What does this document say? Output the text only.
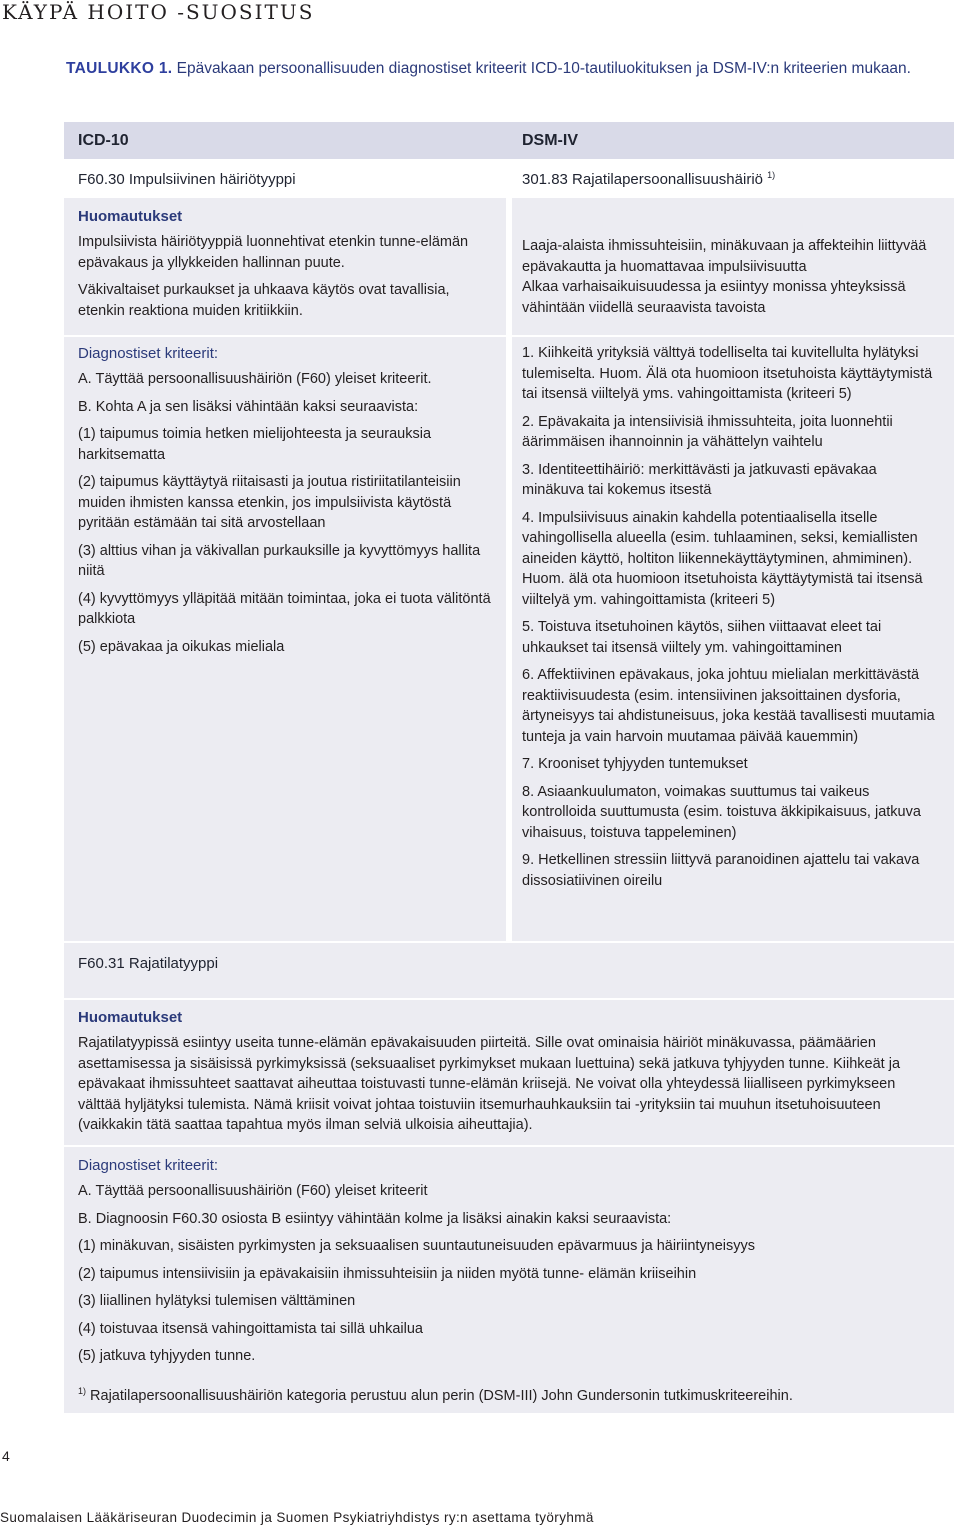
KÄYPÄ HOITO -SUOSITUS
TAULUKKO 1. Epävakaan persoonallisuuden diagnostiset kriteerit ICD-10-tautiluokituksen ja DSM-IV:n kriteerien mukaan.
ICD-10	DSM-IV
F60.30 Impulsiivinen häiriötyyppi	301.83 Rajatilapersoonallisuushäiriö $^{1)}$
Huomautukset

Impulsiivista häiriötyyppiä luonnehtivat etenkin tunne-elämän epävakaus ja yllykkeiden hallinnan puute.

Väkivaltaiset purkaukset ja uhkaava käytös ovat tavallisia, etenkin reaktiona muiden kritiikkiin.

Laaja-alaista ihmissuhteisiin, minäkuvaan ja affekteihin liittyvää epävakautta ja huomattavaa impulsiivisuutta

Alkaa varhaisaikuisuudessa ja esiintyy monissa yhteyksissä vähintään viidellä seuraavista tavoista

Diagnostiset kriteerit:

A. Täyttää persoonallisuushäiriön (F60) yleiset kriteerit.

B. Kohta A ja sen lisäksi vähintään kaksi seuraavista:

(1) taipumus toimia hetken mielijohteesta ja seurauksia harkitsematta

(2) taipumus käyttäytyä riitaisasti ja joutua ristiriitatilanteisiin muiden ihmisten kanssa etenkin, jos impulsiivista käytöstä pyritään estämään tai sitä arvostellaan

(3) alttius vihan ja väkivallan purkauksille ja kyvyttömyys hallita niitä

(4) kyvyttömyys ylläpitää mitään toimintaa, joka ei tuota välitöntä palkkiota

(5) epävakaa ja oikukas mieliala

1. Kiihkeitä yrityksiä välttyä todelliselta tai kuvitellulta hylätyksi tulemiselta. Huom. Älä ota huomioon itsetuhoista käyttäytymistä tai itsensä viiltelyä yms. vahingoittamista (kriteeri 5)

2. Epävakaita ja intensiivisiä ihmissuhteita, joita luonnehtii äärimmäisen ihannoinnin ja vähättelyn vaihtelu

3. Identiteettihäiriö: merkittävästi ja jatkuvasti epävakaa minäkuva tai kokemus itsestä

4. Impulsiivisuus ainakin kahdella potentiaalisella itselle vahingollisella alueella (esim. tuhlaaminen, seksi, kemiallisten aineiden käyttö, holtiton liikennekäyttäytyminen, ahmiminen). Huom. älä ota huomioon itsetuhoista käyttäytymistä tai itsensä viiltelyä ym. vahingoittamista (kriteeri 5)

5. Toistuva itsetuhoinen käytös, siihen viittaavat eleet tai uhkaukset tai itsensä viiltely ym. vahingoittaminen

6. Affektiivinen epävakaus, joka johtuu mielialan merkittävästä reaktiivisuudesta (esim. intensiivinen jaksoittainen dysforia, ärtyneisyys tai ahdistuneisuus, joka kestää tavallisesti muutamia tunteja ja vain harvoin muutamaa päivää kauemmin)

7. Krooniset tyhjyyden tuntemukset

8. Asiaankuulumaton, voimakas suuttumus tai vaikeus kontrolloida suuttumusta (esim. toistuva äkkipikaisuus, jatkuva vihaisuus, toistuva tappeleminen)

9. Hetkellinen stressiin liittyvä paranoidinen ajattelu tai vakava dissosiatiivinen oireilu

F60.31 Rajatilatyyppi
Huomautukset

Rajatilatyypissä esiintyy useita tunne-elämän epävakaisuuden piirteitä. Sille ovat ominaisia häiriöt minäkuvassa, päämäärien asettamisessa ja sisäisissä pyrkimyksissä (seksuaaliset pyrkimykset mukaan luettuina) sekä jatkuva tyhjyyden tunne. Kiihkeät ja epävakaat ihmissuhteet saattavat aiheuttaa toistuvasti tunne-elämän kriisejä. Ne voivat olla yhteydessä liialliseen pyrkimykseen välttää hyljätyksi tulemista. Nämä kriisit voivat johtaa toistuviin itsemurhauhkauksiin tai -yrityksiin tai muuhun itsetuhoisuuteen (vaikkakin tätä saattaa tapahtua myös ilman selviä ulkoisia aiheuttajia).

Diagnostiset kriteerit:

A. Täyttää persoonallisuushäiriön (F60) yleiset kriteerit

B. Diagnoosin F60.30 osiosta B esiintyy vähintään kolme ja lisäksi ainakin kaksi seuraavista:

(1) minäkuvan, sisäisten pyrkimysten ja seksuaalisen suuntautuneisuuden epävarmuus ja häiriintyneisyys

(2) taipumus intensiivisiin ja epävakaisiin ihmissuhteisiin ja niiden myötä tunne- elämän kriiseihin

(3) liiallinen hylätyksi tulemisen välttäminen

(4) toistuvaa itsensä vahingoittamista tai sillä uhkailua

(5) jatkuva tyhjyyden tunne.

$^{1)}$ Rajatilapersoonallisuushäiriön kategoria perustuu alun perin (DSM-III) John Gundersonin tutkimuskriteereihin.
4
Suomalaisen Lääkäriseuran Duodecimin ja Suomen Psykiatriyhdistys ry:n asettama työryhmä
